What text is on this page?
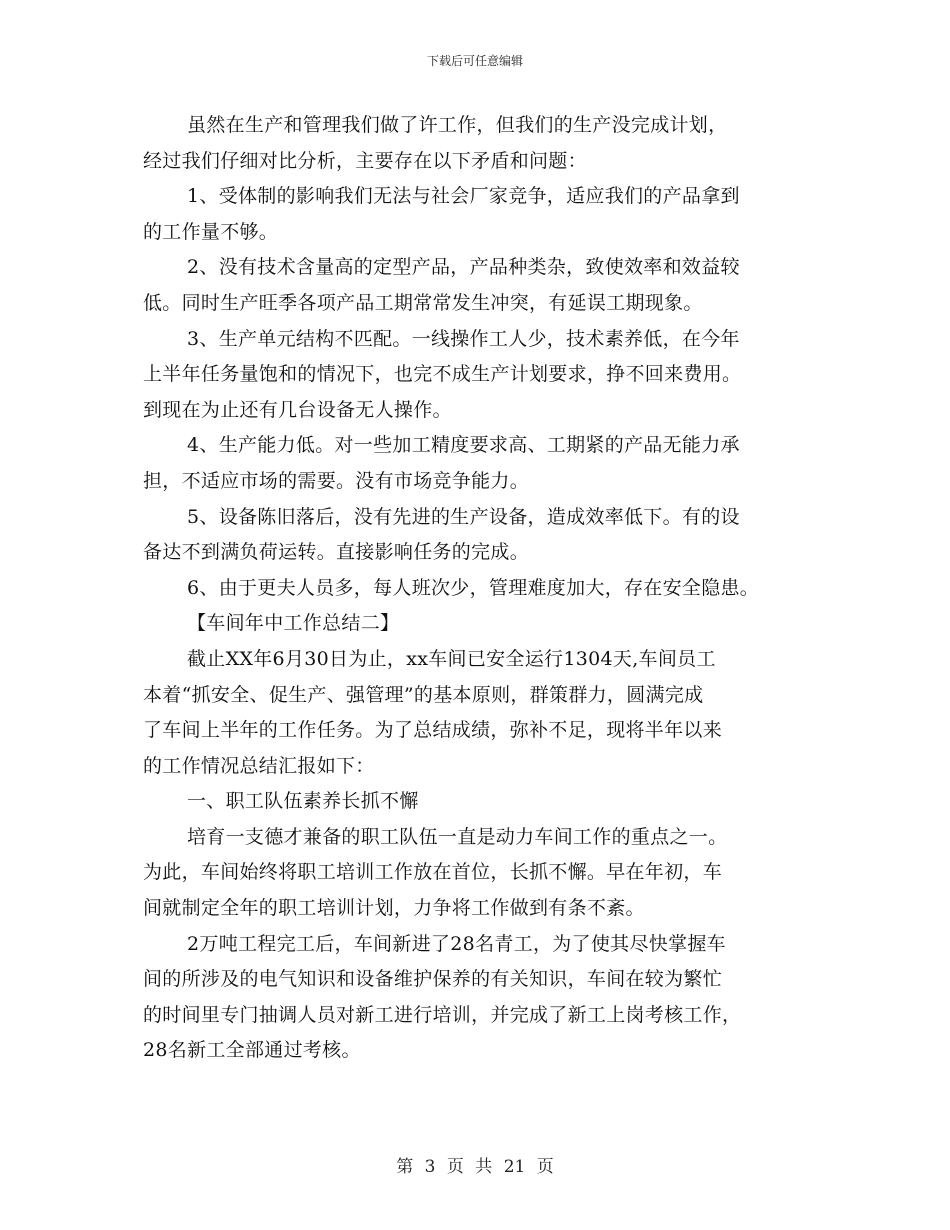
下载后可任意编辑
虽然在生产和管理我们做了许工作，但我们的生产没完成计划，
经过我们仔细对比分析，主要存在以下矛盾和问题：
1、受体制的影响我们无法与社会厂家竞争，适应我们的产品拿到
的工作量不够。
2、没有技术含量高的定型产品，产品种类杂，致使效率和效益较
低。同时生产旺季各项产品工期常常发生冲突，有延误工期现象。
3、生产单元结构不匹配。一线操作工人少，技术素养低，在今年
上半年任务量饱和的情况下，也完不成生产计划要求，挣不回来费用。
到现在为止还有几台设备无人操作。
4、生产能力低。对一些加工精度要求高、工期紧的产品无能力承
担，不适应市场的需要。没有市场竞争能力。
5、设备陈旧落后，没有先进的生产设备，造成效率低下。有的设
备达不到满负荷运转。直接影响任务的完成。
6、由于更夫人员多，每人班次少，管理难度加大，存在安全隐患。
【车间年中工作总结二】
截止XX年6月30日为止，xx车间已安全运行1304天,车间员工
本着“抓安全、促生产、强管理”的基本原则，群策群力，圆满完成
了车间上半年的工作任务。为了总结成绩，弥补不足，现将半年以来
的工作情况总结汇报如下：
一、职工队伍素养长抓不懈
培育一支德才兼备的职工队伍一直是动力车间工作的重点之一。
为此，车间始终将职工培训工作放在首位，长抓不懈。早在年初，车
间就制定全年的职工培训计划，力争将工作做到有条不紊。
2万吨工程完工后，车间新进了28名青工，为了使其尽快掌握车
间的所涉及的电气知识和设备维护保养的有关知识，车间在较为繁忙
的时间里专门抽调人员对新工进行培训，并完成了新工上岗考核工作，
28名新工全部通过考核。
第 3 页 共 21 页
